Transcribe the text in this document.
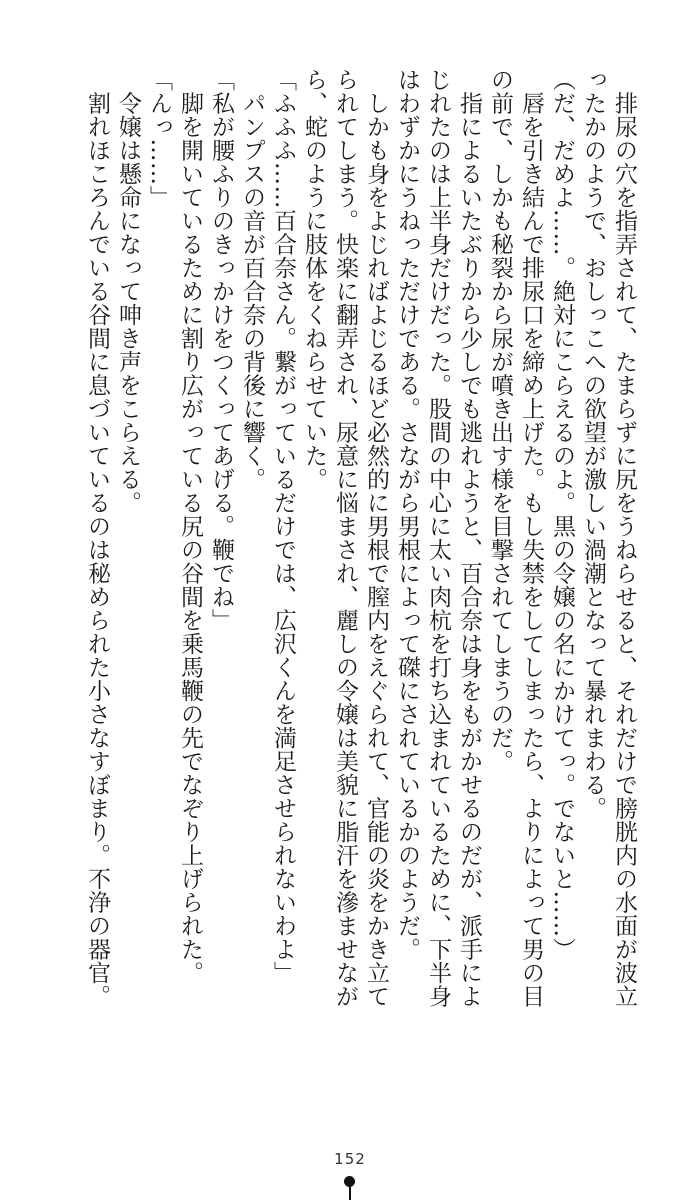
　排尿の穴を指弄されて、たまらずに尻をうねらせると、それだけで膀胱内の水面が波立
ったかのようで、おしっこへの欲望が激しい渦潮となって暴れまわる。
（だ、だめよ……。絶対にこらえるのよ。黒の令嬢の名にかけてっ。でないと……）
　唇を引き結んで排尿口を締め上げた。もし失禁をしてしまったら、よりによって男の目
の前で、しかも秘裂から尿が噴き出す様を目撃されてしまうのだ。
　指によるいたぶりから少しでも逃れようと、百合奈は身をもがかせるのだが、派手によ
じれたのは上半身だけだった。股間の中心に太い肉杭を打ち込まれているために、下半身
はわずかにうねっただけである。さながら男根によって磔にされているかのようだ。
　しかも身をよじればよじるほど必然的に男根で膣内をえぐられて、官能の炎をかき立て
られてしまう。快楽に翻弄され、尿意に悩まされ、麗しの令嬢は美貌に脂汗を滲ませなが
ら、蛇のように肢体をくねらせていた。
「ふふふ……百合奈さん。繋がっているだけでは、広沢くんを満足させられないわよ」
　パンプスの音が百合奈の背後に響く。
「私が腰ふりのきっかけをつくってあげる。鞭でね」
　脚を開いているために割り広がっている尻の谷間を乗馬鞭の先でなぞり上げられた。
「んっ……」
　令嬢は懸命になって呻き声をこらえる。
　割れほころんでいる谷間に息づいているのは秘められた小さなすぼまり。不浄の器官。
152
